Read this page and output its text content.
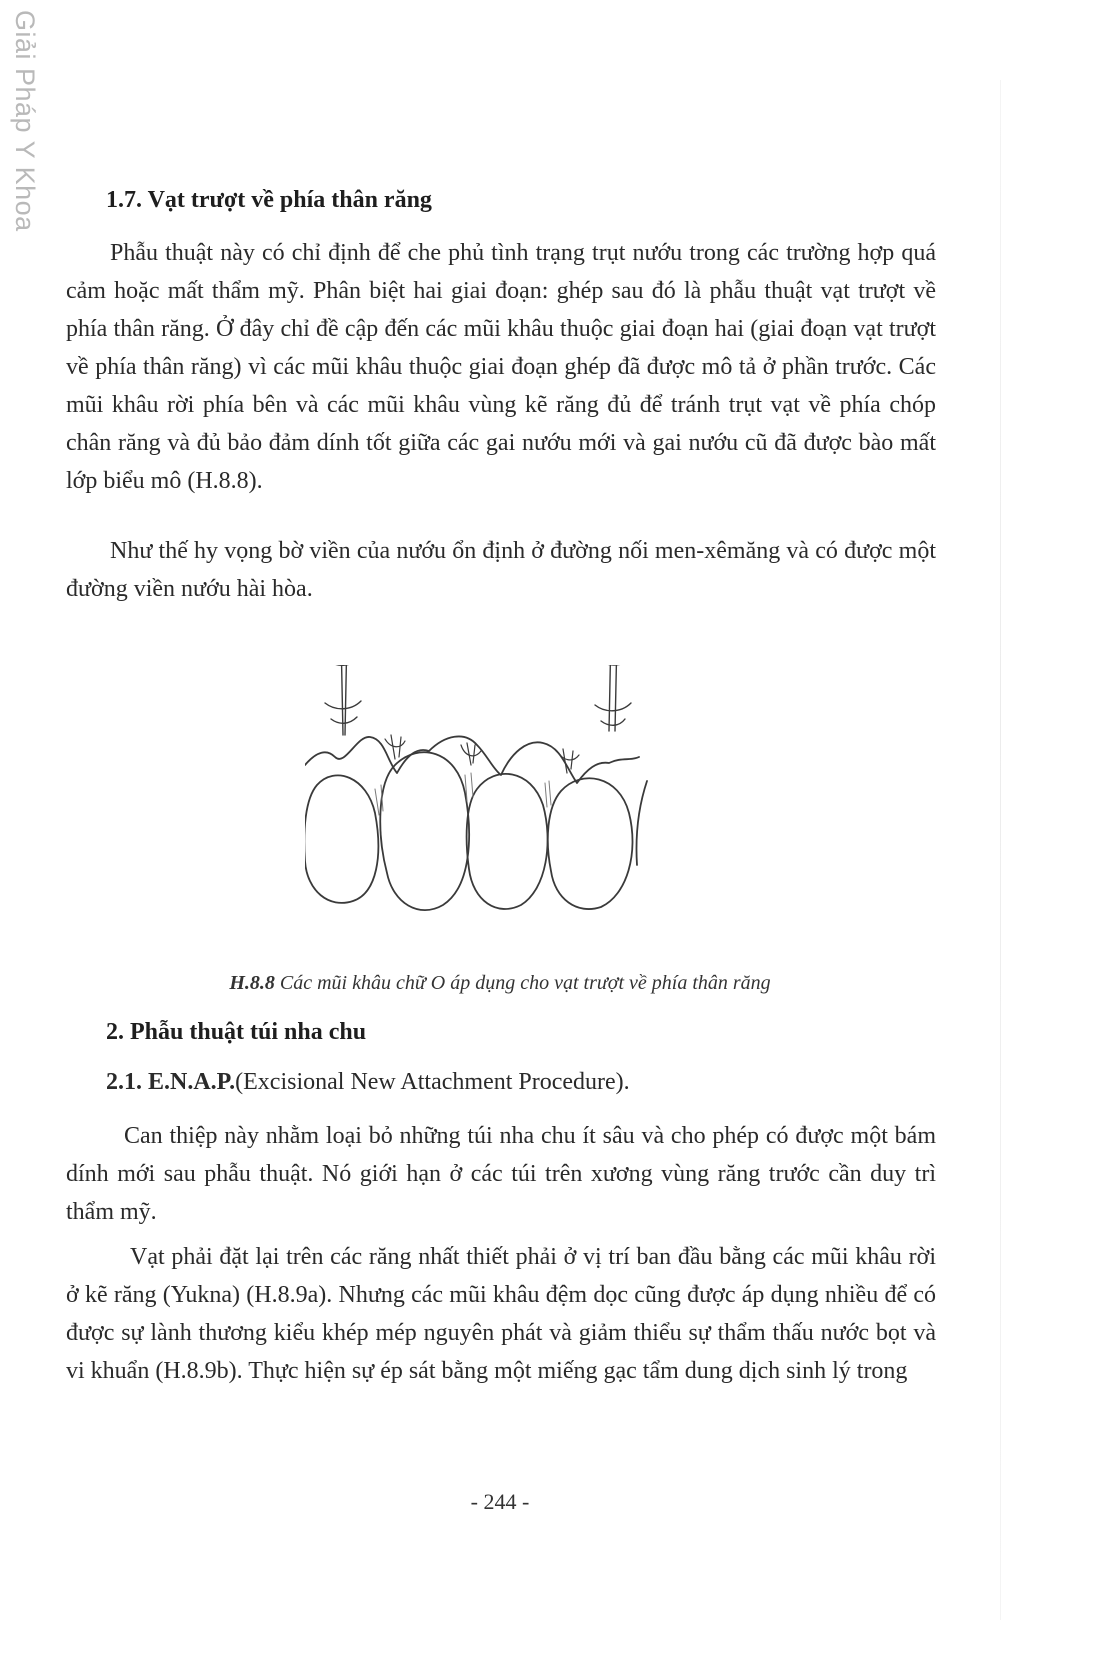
Giải Pháp Y Khoa	1.7. Vạt trượt về phía thân răng

Phẫu thuật này có chỉ định để che phủ tình trạng trụt nướu trong các trường hợp quá cảm hoặc mất thẩm mỹ. Phân biệt hai giai đoạn: ghép sau đó là phẫu thuật vạt trượt về phía thân răng. Ở đây chỉ đề cập đến các mũi khâu thuộc giai đoạn hai (giai đoạn vạt trượt về phía thân răng) vì các mũi khâu thuộc giai đoạn ghép đã được mô tả ở phần trước. Các mũi khâu rời phía bên và các mũi khâu vùng kẽ răng đủ để tránh trụt vạt về phía chóp chân răng và đủ bảo đảm dính tốt giữa các gai nướu mới và gai nướu cũ đã được bào mất lớp biểu mô (H.8.8).

Như thế hy vọng bờ viền của nướu ổn định ở đường nối men-xêmăng và có được một đường viền nướu hài hòa.

H.8.8 Các mũi khâu chữ O áp dụng cho vạt trượt về phía thân răng
2. Phẫu thuật túi nha chu
2.1. E.N.A.P.(Excisional New Attachment Procedure).

Can thiệp này nhằm loại bỏ những túi nha chu ít sâu và cho phép có được một bám dính mới sau phẫu thuật. Nó giới hạn ở các túi trên xương vùng răng trước cần duy trì thẩm mỹ.

Vạt phải đặt lại trên các răng nhất thiết phải ở vị trí ban đầu bằng các mũi khâu rời ở kẽ răng (Yukna) (H.8.9a). Nhưng các mũi khâu đệm dọc cũng được áp dụng nhiều để có được sự lành thương kiểu khép mép nguyên phát và giảm thiểu sự thẩm thấu nước bọt và vi khuẩn (H.8.9b). Thực hiện sự ép sát bằng một miếng gạc tẩm dung dịch sinh lý trong

- 244 -
